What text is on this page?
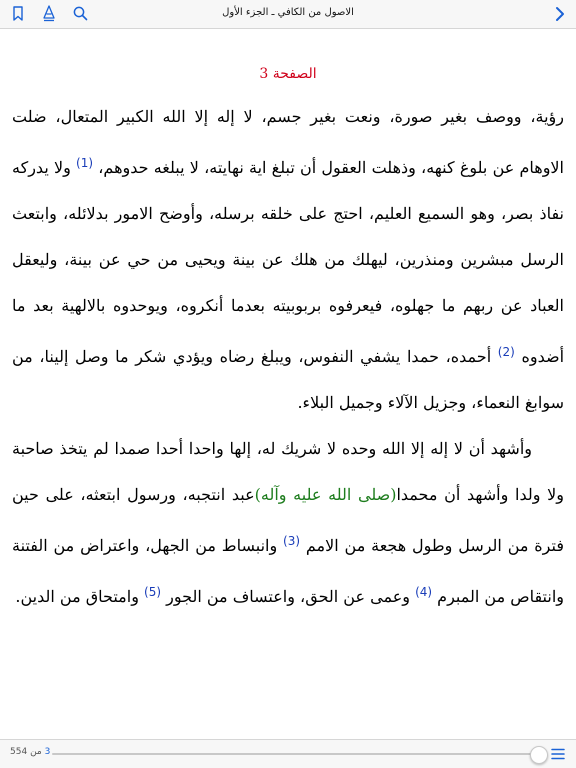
الاصول من الكافي ـ الجزء الأول
الصفحة 3

رؤية، ووصف بغير صورة، ونعت بغير جسم، لا إله إلا الله الكبير المتعال، ضلت الاوهام عن بلوغ كنهه، وذهلت العقول أن تبلغ اية نهايته، لا يبلغه حدوهم، $^{(1)}$ ولا يدركه نفاذ بصر، وهو السميع العليم، احتج على خلقه برسله، وأوضح الامور بدلائله، وابتعث الرسل مبشرين ومنذرين، ليهلك من هلك عن بينة ويحيى من حي عن بينة، وليعقل العباد عن ربهم ما جهلوه، فيعرفوه بربوبيته بعدما أنكروه، ويوحدوه بالالهية بعد ما أضدوه $^{(2)}$ أحمده، حمدا يشفي النفوس، ويبلغ رضاه ويؤدي شكر ما وصل إلينا، من سوابغ النعماء، وجزيل الآلاء وجميل البلاء.

وأشهد أن لا إله إلا الله وحده لا شريك له، إلها واحدا أحدا صمدا لم يتخذ صاحبة ولا ولدا وأشهد أن محمدا(صلى الله عليه وآله)عبد انتجبه، ورسول ابتعثه، على حين فترة من الرسل وطول هجعة من الامم $^{(3)}$ وانبساط من الجهل، واعتراض من الفتنة وانتقاص من المبرم $^{(4)}$ وعمى عن الحق، واعتساف من الجور $^{(5)}$ وامتحاق من الدين.

3 من 554
